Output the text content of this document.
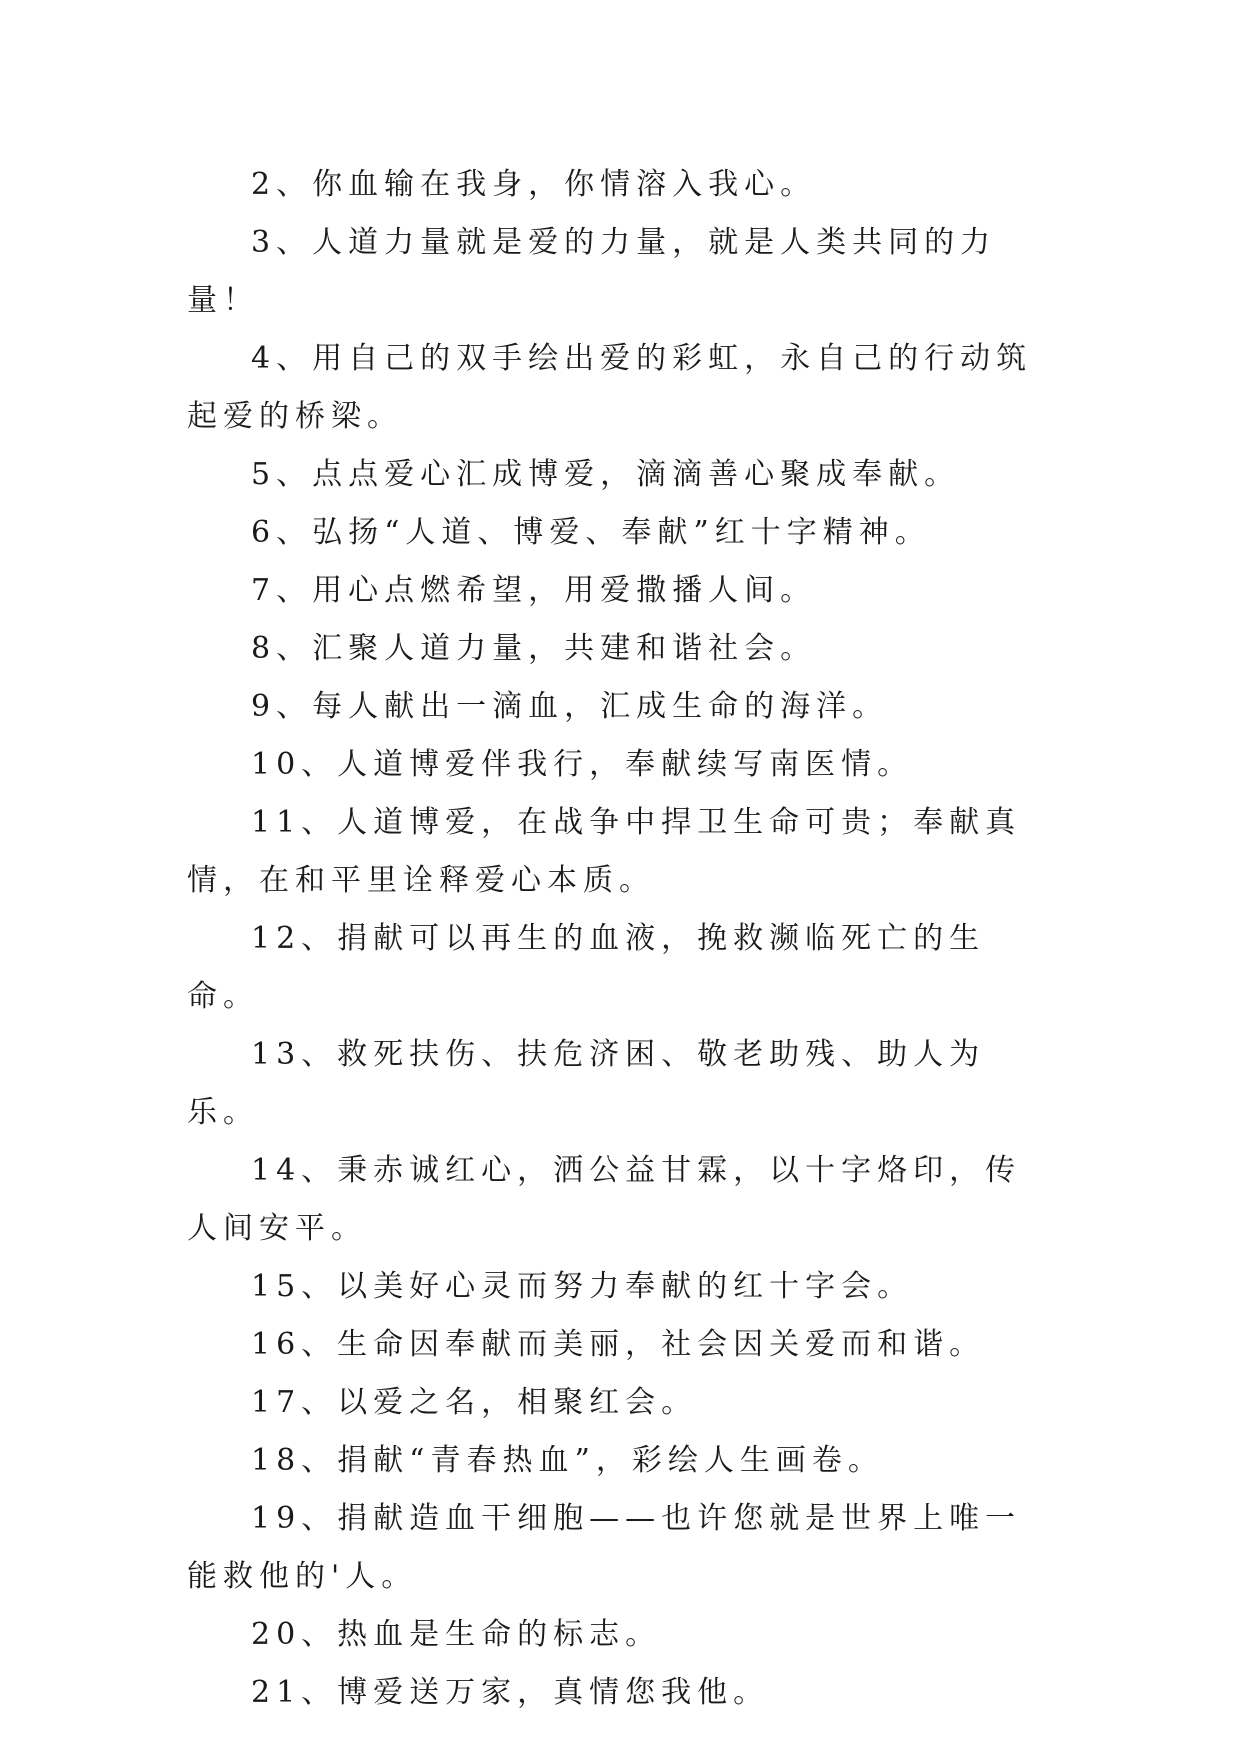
2、你血输在我身，你情溶入我心。

3、人道力量就是爱的力量，就是人类共同的力量！

4、用自己的双手绘出爱的彩虹，永自己的行动筑起爱的桥梁。

5、点点爱心汇成博爱，滴滴善心聚成奉献。

6、弘扬“人道、博爱、奉献”红十字精神。

7、用心点燃希望，用爱撒播人间。

8、汇聚人道力量，共建和谐社会。

9、每人献出一滴血，汇成生命的海洋。

10、人道博爱伴我行，奉献续写南医情。

11、人道博爱，在战争中捍卫生命可贵；奉献真情，在和平里诠释爱心本质。

12、捐献可以再生的血液，挽救濒临死亡的生命。

13、救死扶伤、扶危济困、敬老助残、助人为乐。

14、秉赤诚红心，洒公益甘霖，以十字烙印，传人间安平。

15、以美好心灵而努力奉献的红十字会。

16、生命因奉献而美丽，社会因关爱而和谐。

17、以爱之名，相聚红会。

18、捐献“青春热血”，彩绘人生画卷。

19、捐献造血干细胞——也许您就是世界上唯一能救他的'人。

20、热血是生命的标志。

21、博爱送万家，真情您我他。
